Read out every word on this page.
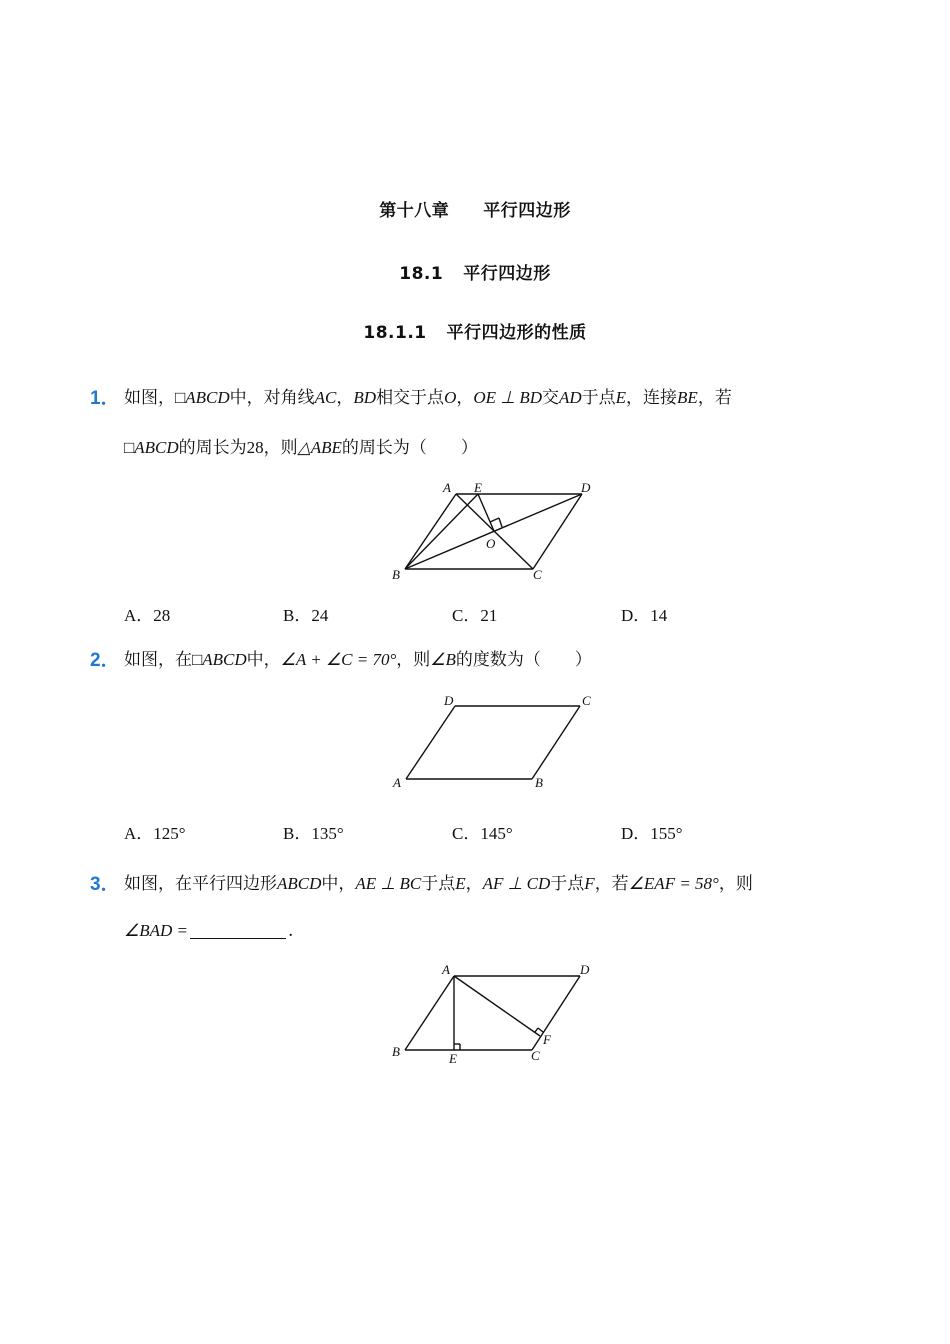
第十八章 平行四边形
18.1 平行四边形
18.1.1 平行四边形的性质
1． 如图，□ABCD中，对角线AC，BD相交于点O，OE ⊥ BD交AD于点E，连接BE，若
□ABCD的周长为28，则△ABE的周长为（　　）
A E	D
O
B	C
A．28	B．24	C．21	D．14
2． 如图，在□ABCD中，∠A + ∠C = 70°，则∠B的度数为（　　）
D	C
A	B
A．125°	B．135°	C．145°	D．155°
3． 如图，在平行四边形ABCD中，AE ⊥ BC于点E，AF ⊥ CD于点F，若∠EAF = 58°，则
∠BAD =	.
A	D
B	E	C
F
